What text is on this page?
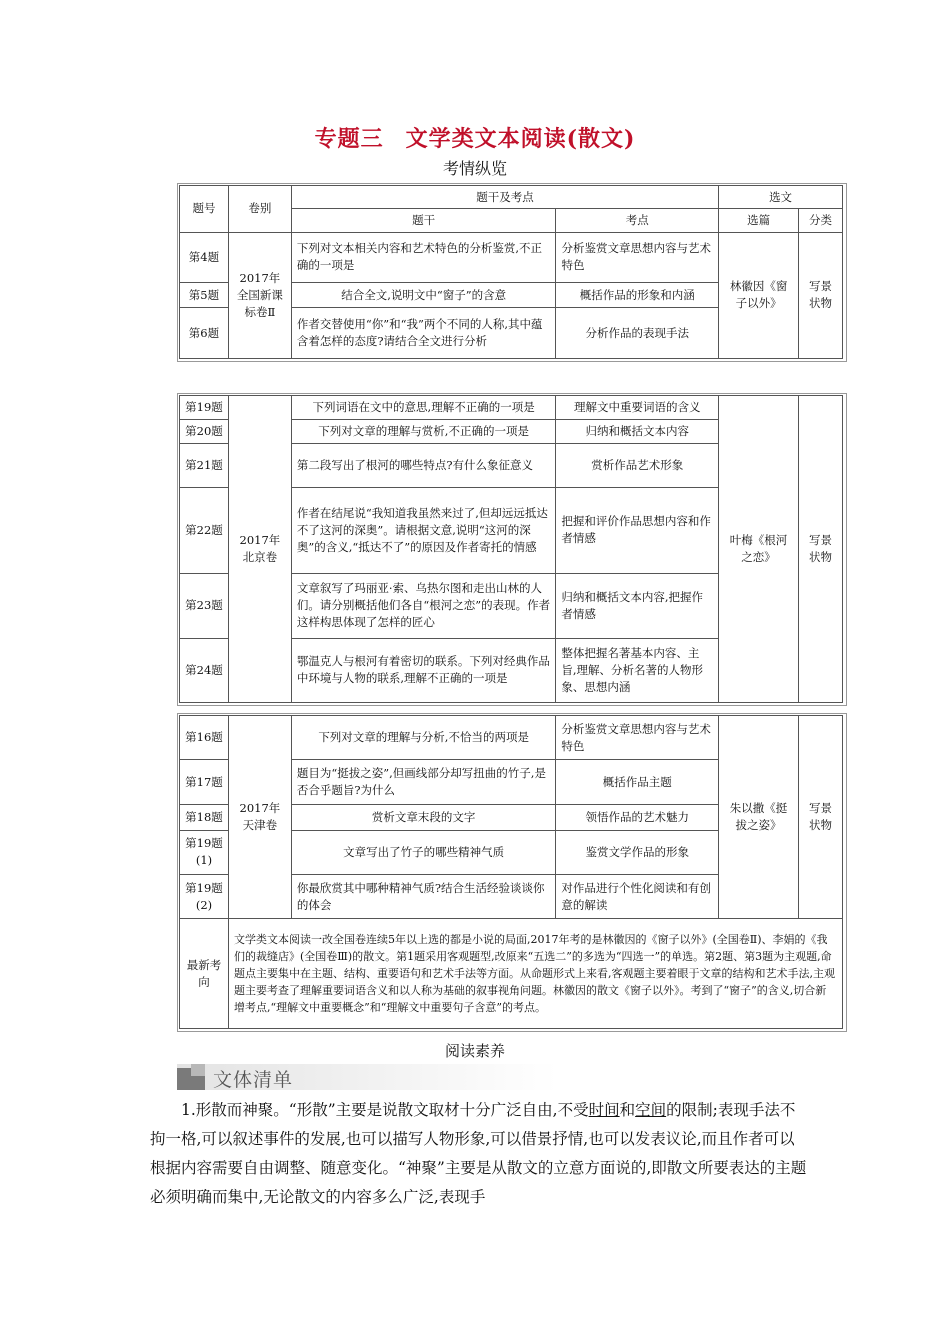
专题三 文学类文本阅读(散文)
考情纵览
题号	卷别	题干及考点		选文	
		题干	考点	选篇	分类
第4题	2017年全国新课标卷Ⅱ	下列对文本相关内容和艺术特色的分析鉴赏,不正确的一项是	分析鉴赏文章思想内容与艺术特色	林徽因《窗子以外》	写景状物
第5题		结合全文,说明文中“窗子”的含意	概括作品的形象和内涵		
第6题		作者交替使用“你”和“我”两个不同的人称,其中蕴含着怎样的态度?请结合全文进行分析	分析作品的表现手法		
第19题	2017年北京卷	下列词语在文中的意思,理解不正确的一项是	理解文中重要词语的含义	叶梅《根河之恋》	写景状物
第20题		下列对文章的理解与赏析,不正确的一项是	归纳和概括文本内容		
第21题		第二段写出了根河的哪些特点?有什么象征意义	赏析作品艺术形象		
第22题		作者在结尾说“我知道我虽然来过了,但却远远抵达不了这河的深奥”。请根据文意,说明“这河的深奥”的含义,“抵达不了”的原因及作者寄托的情感	把握和评价作品思想内容和作者情感		
第23题		文章叙写了玛丽亚·索、乌热尔图和走出山林的人们。请分别概括他们各自“根河之恋”的表现。作者这样构思体现了怎样的匠心	归纳和概括文本内容,把握作者情感		
第24题		鄂温克人与根河有着密切的联系。下列对经典作品中环境与人物的联系,理解不正确的一项是	整体把握名著基本内容、主旨,理解、分析名著的人物形象、思想内涵		
第16题	2017年天津卷	下列对文章的理解与分析,不恰当的两项是	分析鉴赏文章思想内容与艺术特色	朱以撒《挺拔之姿》	写景状物
第17题		题目为“挺拔之姿”,但画线部分却写扭曲的竹子,是否合乎题旨?为什么	概括作品主题		
第18题		赏析文章末段的文字	领悟作品的艺术魅力		
第19题(1)		文章写出了竹子的哪些精神气质	鉴赏文学作品的形象		
第19题(2)		你最欣赏其中哪种精神气质?结合生活经验谈谈你的体会	对作品进行个性化阅读和有创意的解读		
最新考向	文学类文本阅读一改全国卷连续5年以上选的都是小说的局面,2017年考的是林徽因的《窗子以外》(全国卷Ⅱ)、李娟的《我们的裁缝店》(全国卷Ⅲ)的散文。第1题采用客观题型,改原来“五选二”的多选为“四选一”的单选。第2题、第3题为主观题,命题点主要集中在主题、结构、重要语句和艺术手法等方面。从命题形式上来看,客观题主要着眼于文章的结构和艺术手法,主观题主要考查了理解重要词语含义和以人称为基础的叙事视角问题。林徽因的散文《窗子以外》。考到了“窗子”的含义,切合新增考点,“理解文中重要概念”和“理解文中重要句子含意”的考点。				
阅读素养
文体清单
1.形散而神聚。“形散”主要是说散文取材十分广泛自由,不受时间和空间的限制;表现手法不拘一格,可以叙述事件的发展,也可以描写人物形象,可以借景抒情,也可以发表议论,而且作者可以根据内容需要自由调整、随意变化。“神聚”主要是从散文的立意方面说的,即散文所要表达的主题必须明确而集中,无论散文的内容多么广泛,表现手
